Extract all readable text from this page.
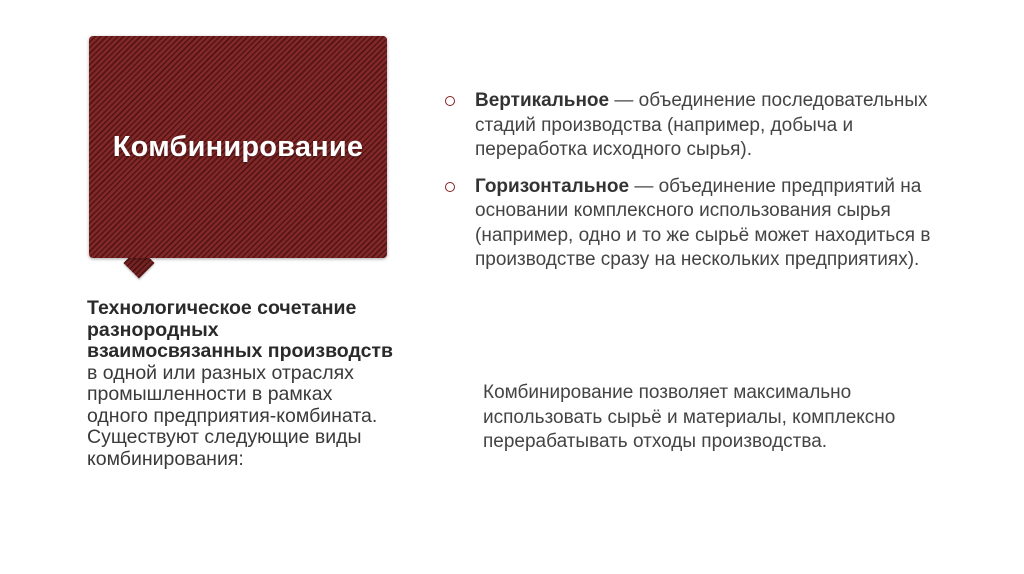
Комбинирование
Технологическое сочетание разнородных взаимосвязанных производств в одной или разных отраслях промышленности в рамках одного предприятия-комбината. Существуют следующие виды комбинирования:
Вертикальное — объединение последовательных стадий производства (например, добыча и переработка исходного сырья).
Горизонтальное — объединение предприятий на основании комплексного использования сырья (например, одно и то же сырьё может находиться в производстве сразу на нескольких предприятиях).
Комбинирование позволяет максимально использовать сырьё и материалы, комплексно перерабатывать отходы производства.
